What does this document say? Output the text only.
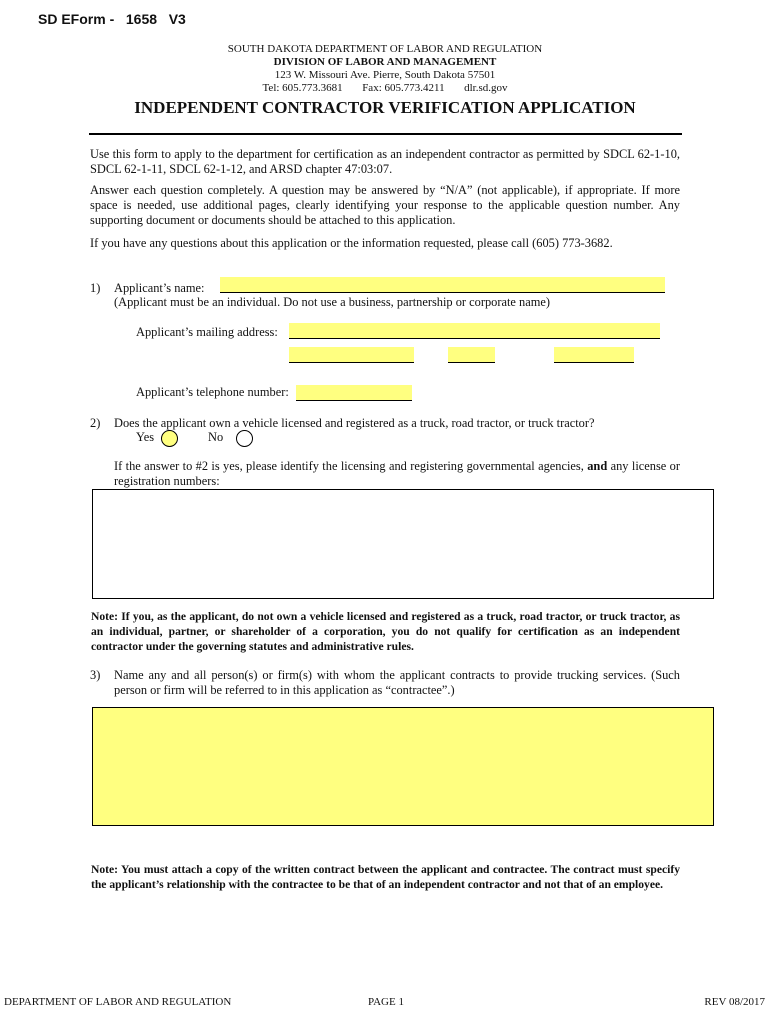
SD EForm -   1658   V3
SOUTH DAKOTA DEPARTMENT OF LABOR AND REGULATION
DIVISION OF LABOR AND MANAGEMENT
123 W. Missouri Ave. Pierre, South Dakota 57501
Tel: 605.773.3681 Fax: 605.773.4211 dlr.sd.gov
INDEPENDENT CONTRACTOR VERIFICATION APPLICATION
Use this form to apply to the department for certification as an independent contractor as permitted by SDCL 62-1-10, SDCL 62-1-11, SDCL 62-1-12, and ARSD chapter 47:03:07.
Answer each question completely. A question may be answered by “N/A” (not applicable), if appropriate. If more space is needed, use additional pages, clearly identifying your response to the applicable question number. Any supporting document or documents should be attached to this application.
If you have any questions about this application or the information requested, please call (605) 773-3682.
1) Applicant’s name:
(Applicant must be an individual. Do not use a business, partnership or corporate name)
Applicant’s mailing address:
Applicant’s telephone number:
2) Does the applicant own a vehicle licensed and registered as a truck, road tractor, or truck tractor?
Yes	No
If the answer to #2 is yes, please identify the licensing and registering governmental agencies, and any license or registration numbers:
Note: If you, as the applicant, do not own a vehicle licensed and registered as a truck, road tractor, or truck tractor, as an individual, partner, or shareholder of a corporation, you do not qualify for certification as an independent contractor under the governing statutes and administrative rules.
3) Name any and all person(s) or firm(s) with whom the applicant contracts to provide trucking services. (Such person or firm will be referred to in this application as “contractee”.)
Note: You must attach a copy of the written contract between the applicant and contractee. The contract must specify the applicant’s relationship with the contractee to be that of an independent contractor and not that of an employee.
DEPARTMENT OF LABOR AND REGULATION	PAGE 1	REV 08/2017
